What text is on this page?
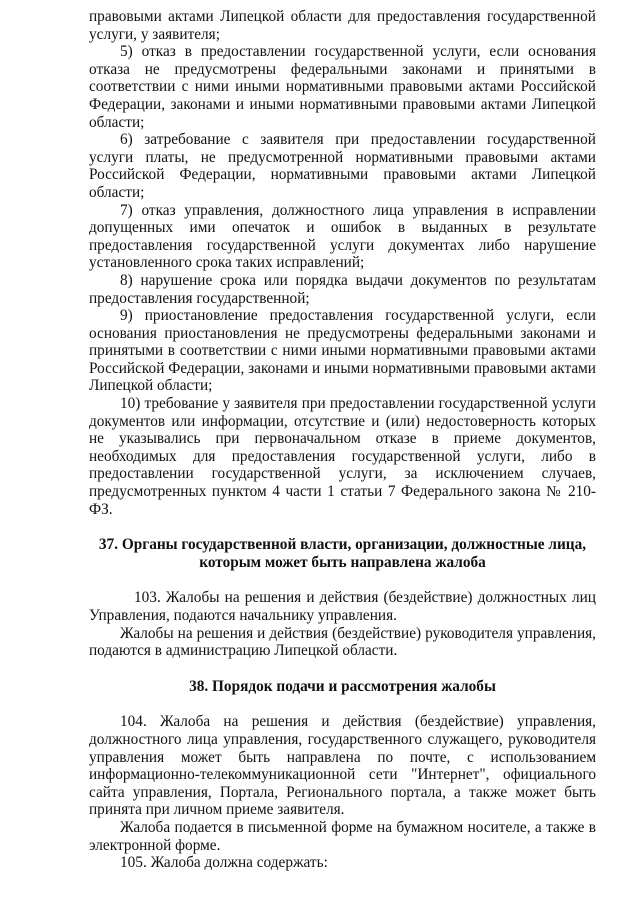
правовыми актами Липецкой области для предоставления государственной услуги, у заявителя;

5) отказ в предоставлении государственной услуги, если основания отказа не предусмотрены федеральными законами и принятыми в соответствии с ними иными нормативными правовыми актами Российской Федерации, законами и иными нормативными правовыми актами Липецкой области;

6) затребование с заявителя при предоставлении государственной услуги платы, не предусмотренной нормативными правовыми актами Российской Федерации, нормативными правовыми актами Липецкой области;

7) отказ управления, должностного лица управления в исправлении допущенных ими опечаток и ошибок в выданных в результате предоставления государственной услуги документах либо нарушение установленного срока таких исправлений;

8) нарушение срока или порядка выдачи документов по результатам предоставления государственной;

9) приостановление предоставления государственной услуги, если основания приостановления не предусмотрены федеральными законами и принятыми в соответствии с ними иными нормативными правовыми актами Российской Федерации, законами и иными нормативными правовыми актами Липецкой области;

10) требование у заявителя при предоставлении государственной услуги документов или информации, отсутствие и (или) недостоверность которых не указывались при первоначальном отказе в приеме документов, необходимых для предоставления государственной услуги, либо в предоставлении государственной услуги, за исключением случаев, предусмотренных пунктом 4 части 1 статьи 7 Федерального закона № 210-ФЗ.

37. Органы государственной власти, организации, должностные лица, которым может быть направлена жалоба

103. Жалобы на решения и действия (бездействие) должностных лиц Управления, подаются начальнику управления.

Жалобы на решения и действия (бездействие) руководителя управления, подаются в администрацию Липецкой области.

38. Порядок подачи и рассмотрения жалобы

104. Жалоба на решения и действия (бездействие) управления, должностного лица управления, государственного служащего, руководителя управления может быть направлена по почте, с использованием информационно-телекоммуникационной сети "Интернет", официального сайта управления, Портала, Регионального портала, а также может быть принята при личном приеме заявителя.

Жалоба подается в письменной форме на бумажном носителе, а также в электронной форме.

105. Жалоба должна содержать:
